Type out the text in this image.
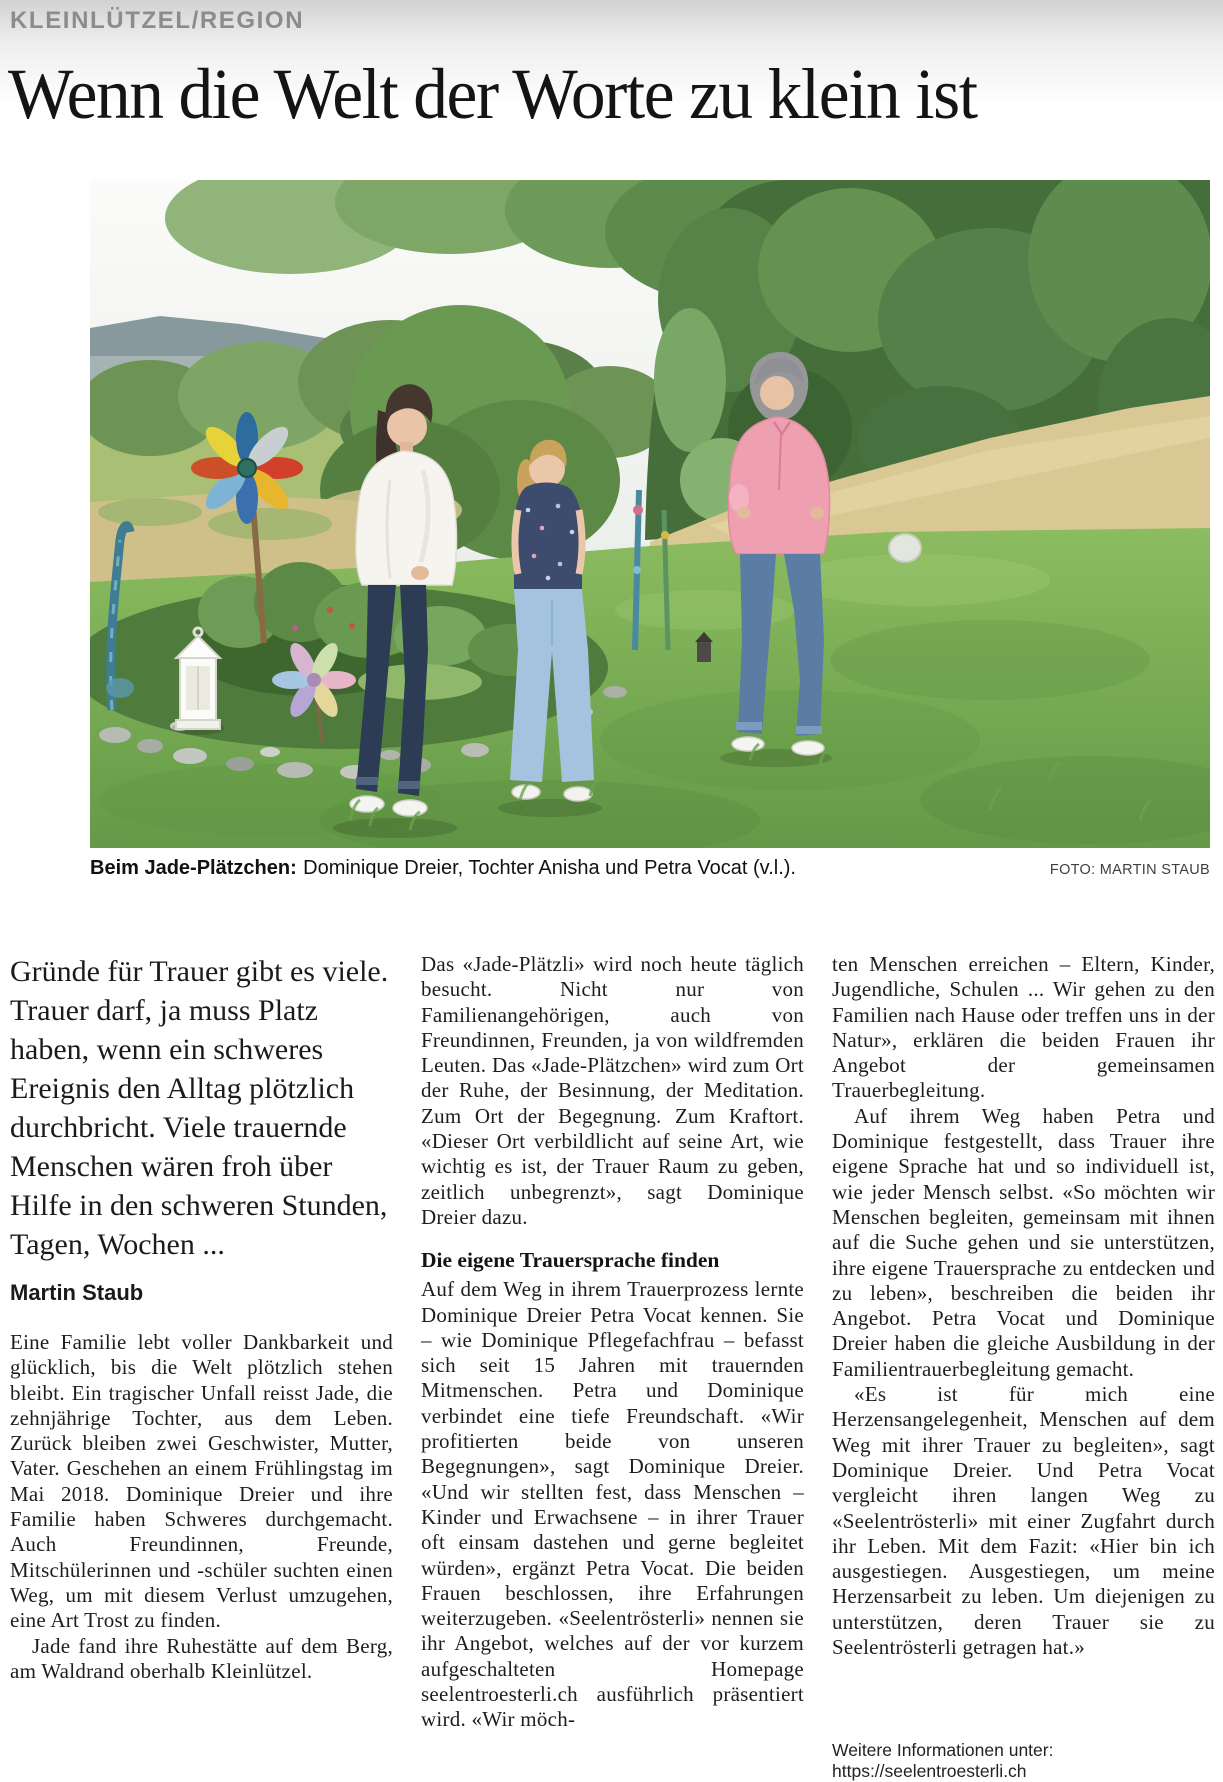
KLEINLÜTZEL/REGION
Wenn die Welt der Worte zu klein ist
Beim Jade-Plätzchen: Dominique Dreier, Tochter Anisha und Petra Vocat (v.l.).	FOTO: MARTIN STAUB

Gründe für Trauer gibt es viele. Trauer darf, ja muss Platz haben, wenn ein schweres Ereignis den Alltag plötzlich durchbricht. Viele trauernde Menschen wären froh über Hilfe in den schweren Stunden, Tagen, Wochen ...

Martin Staub

Eine Familie lebt voller Dankbarkeit und glücklich, bis die Welt plötzlich stehen bleibt. Ein tragischer Unfall reisst Jade, die zehnjährige Tochter, aus dem Leben. Zurück bleiben zwei Geschwister, Mutter, Vater. Geschehen an einem Frühlingstag im Mai 2018. Dominique Dreier und ihre Familie haben Schweres durchgemacht. Auch Freundinnen, Freunde, Mitschülerinnen und -schüler suchten einen Weg, um mit diesem Verlust umzugehen, eine Art Trost zu finden.

Jade fand ihre Ruhestätte auf dem Berg, am Waldrand oberhalb Kleinlützel.

Das «Jade-Plätzli» wird noch heute täglich besucht. Nicht nur von Familienangehörigen, auch von Freundinnen, Freunden, ja von wildfremden Leuten. Das «Jade-Plätzchen» wird zum Ort der Ruhe, der Besinnung, der Meditation. Zum Ort der Begegnung. Zum Kraftort. «Dieser Ort verbildlicht auf seine Art, wie wichtig es ist, der Trauer Raum zu geben, zeitlich unbegrenzt», sagt Dominique Dreier dazu.

Die eigene Trauersprache finden

Auf dem Weg in ihrem Trauerprozess lernte Dominique Dreier Petra Vocat kennen. Sie – wie Dominique Pflegefachfrau – befasst sich seit 15 Jahren mit trauernden Mitmenschen. Petra und Dominique verbindet eine tiefe Freundschaft. «Wir profitierten beide von unseren Begegnungen», sagt Dominique Dreier. «Und wir stellten fest, dass Menschen – Kinder und Erwachsene – in ihrer Trauer oft einsam dastehen und gerne begleitet würden», ergänzt Petra Vocat. Die beiden Frauen beschlossen, ihre Erfahrungen weiterzugeben. «Seelentrösterli» nennen sie ihr Angebot, welches auf der vor kurzem aufgeschalteten Homepage seelentroesterli.ch ausführlich präsentiert wird. «Wir möch-

ten Menschen erreichen – Eltern, Kinder, Jugendliche, Schulen ... Wir gehen zu den Familien nach Hause oder treffen uns in der Natur», erklären die beiden Frauen ihr Angebot der gemeinsamen Trauerbegleitung.

Auf ihrem Weg haben Petra und Dominique festgestellt, dass Trauer ihre eigene Sprache hat und so individuell ist, wie jeder Mensch selbst. «So möchten wir Menschen begleiten, gemeinsam mit ihnen auf die Suche gehen und sie unterstützen, ihre eigene Trauersprache zu entdecken und zu leben», beschreiben die beiden ihr Angebot. Petra Vocat und Dominique Dreier haben die gleiche Ausbildung in der Familientrauerbegleitung gemacht.

«Es ist für mich eine Herzensangelegenheit, Menschen auf dem Weg mit ihrer Trauer zu begleiten», sagt Dominique Dreier. Und Petra Vocat vergleicht ihren langen Weg zu «Seelentrösterli» mit einer Zugfahrt durch ihr Leben. Mit dem Fazit: «Hier bin ich ausgestiegen. Ausgestiegen, um meine Herzensarbeit zu leben. Um diejenigen zu unterstützen, deren Trauer sie zu Seelentrösterli getragen hat.»

Weitere Informationen unter: https://seelentroesterli.ch
